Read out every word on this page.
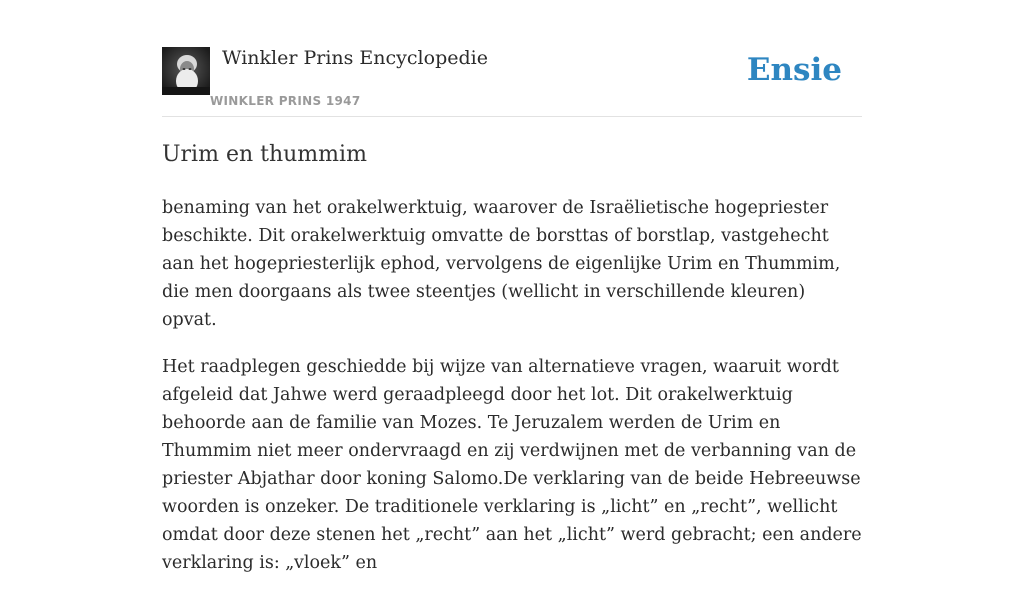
Winkler Prins Encyclopedie
WINKLER PRINS 1947
Ensie
Urim en thummim

benaming van het orakelwerktuig, waarover de Israëlietische hogepriester beschikte. Dit orakelwerktuig omvatte de borsttas of borstlap, vastgehecht aan het hogepriesterlijk ephod, vervolgens de eigenlijke Urim en Thummim, die men doorgaans als twee steentjes (wellicht in verschillende kleuren) opvat.

Het raadplegen geschiedde bij wijze van alternatieve vragen, waaruit wordt afgeleid dat Jahwe werd geraadpleegd door het lot. Dit orakelwerktuig behoorde aan de familie van Mozes. Te Jeruzalem werden de Urim en Thummim niet meer ondervraagd en zij verdwijnen met de verbanning van de priester Abjathar door koning Salomo.De verklaring van de beide Hebreeuwse woorden is onzeker. De traditionele verklaring is „licht” en „recht”, wellicht omdat door deze stenen het „recht” aan het „licht” werd gebracht; een andere verklaring is: „vloek” en
